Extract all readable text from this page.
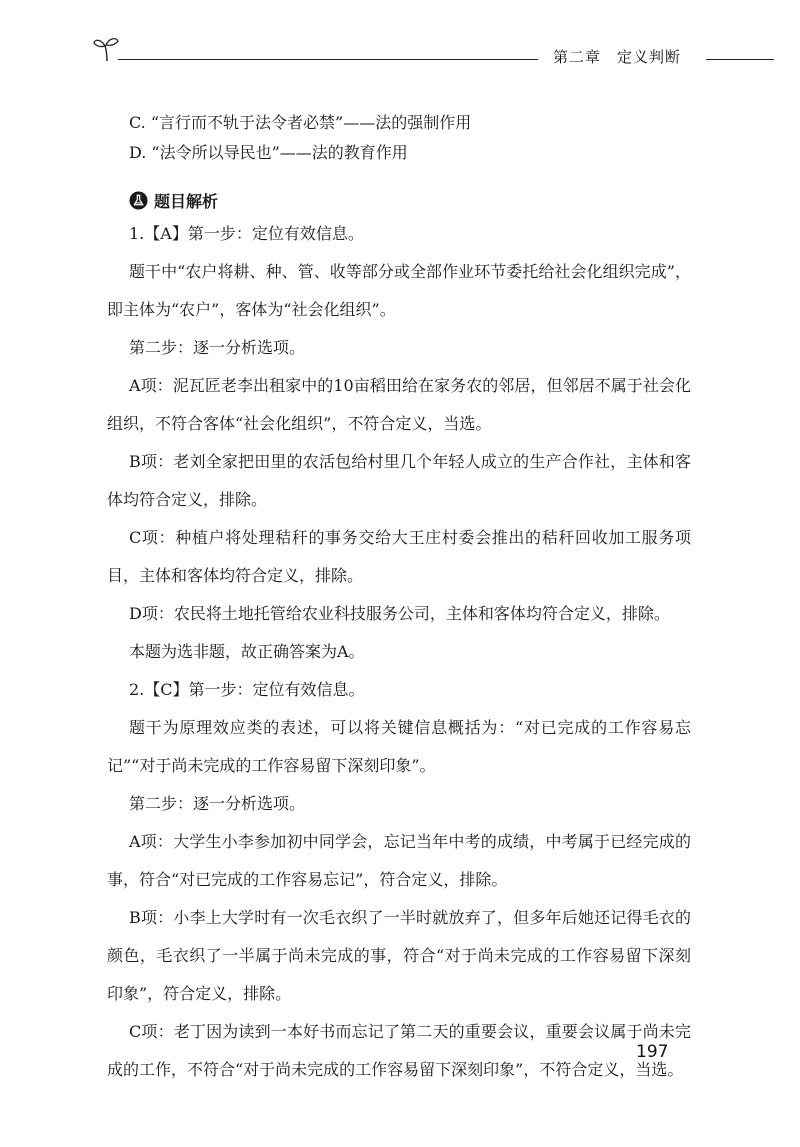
第二章　定义判断
C. “言行而不轨于法令者必禁”——法的强制作用
D. “法令所以导民也”——法的教育作用
题目解析

1.【A】第一步：定位有效信息。

题干中“农户将耕、种、管、收等部分或全部作业环节委托给社会化组织完成”，即主体为“农户”，客体为“社会化组织”。

第二步：逐一分析选项。

A项：泥瓦匠老李出租家中的10亩稻田给在家务农的邻居，但邻居不属于社会化组织，不符合客体“社会化组织”，不符合定义，当选。

B项：老刘全家把田里的农活包给村里几个年轻人成立的生产合作社，主体和客体均符合定义，排除。

C项：种植户将处理秸秆的事务交给大王庄村委会推出的秸秆回收加工服务项目，主体和客体均符合定义，排除。

D项：农民将土地托管给农业科技服务公司，主体和客体均符合定义，排除。

本题为选非题，故正确答案为A。

2.【C】第一步：定位有效信息。

题干为原理效应类的表述，可以将关键信息概括为：“对已完成的工作容易忘记”“对于尚未完成的工作容易留下深刻印象”。

第二步：逐一分析选项。

A项：大学生小李参加初中同学会，忘记当年中考的成绩，中考属于已经完成的事，符合“对已完成的工作容易忘记”，符合定义，排除。

B项：小李上大学时有一次毛衣织了一半时就放弃了，但多年后她还记得毛衣的颜色，毛衣织了一半属于尚未完成的事，符合“对于尚未完成的工作容易留下深刻印象”，符合定义，排除。

C项：老丁因为读到一本好书而忘记了第二天的重要会议，重要会议属于尚未完成的工作，不符合“对于尚未完成的工作容易留下深刻印象”，不符合定义，当选。

197
